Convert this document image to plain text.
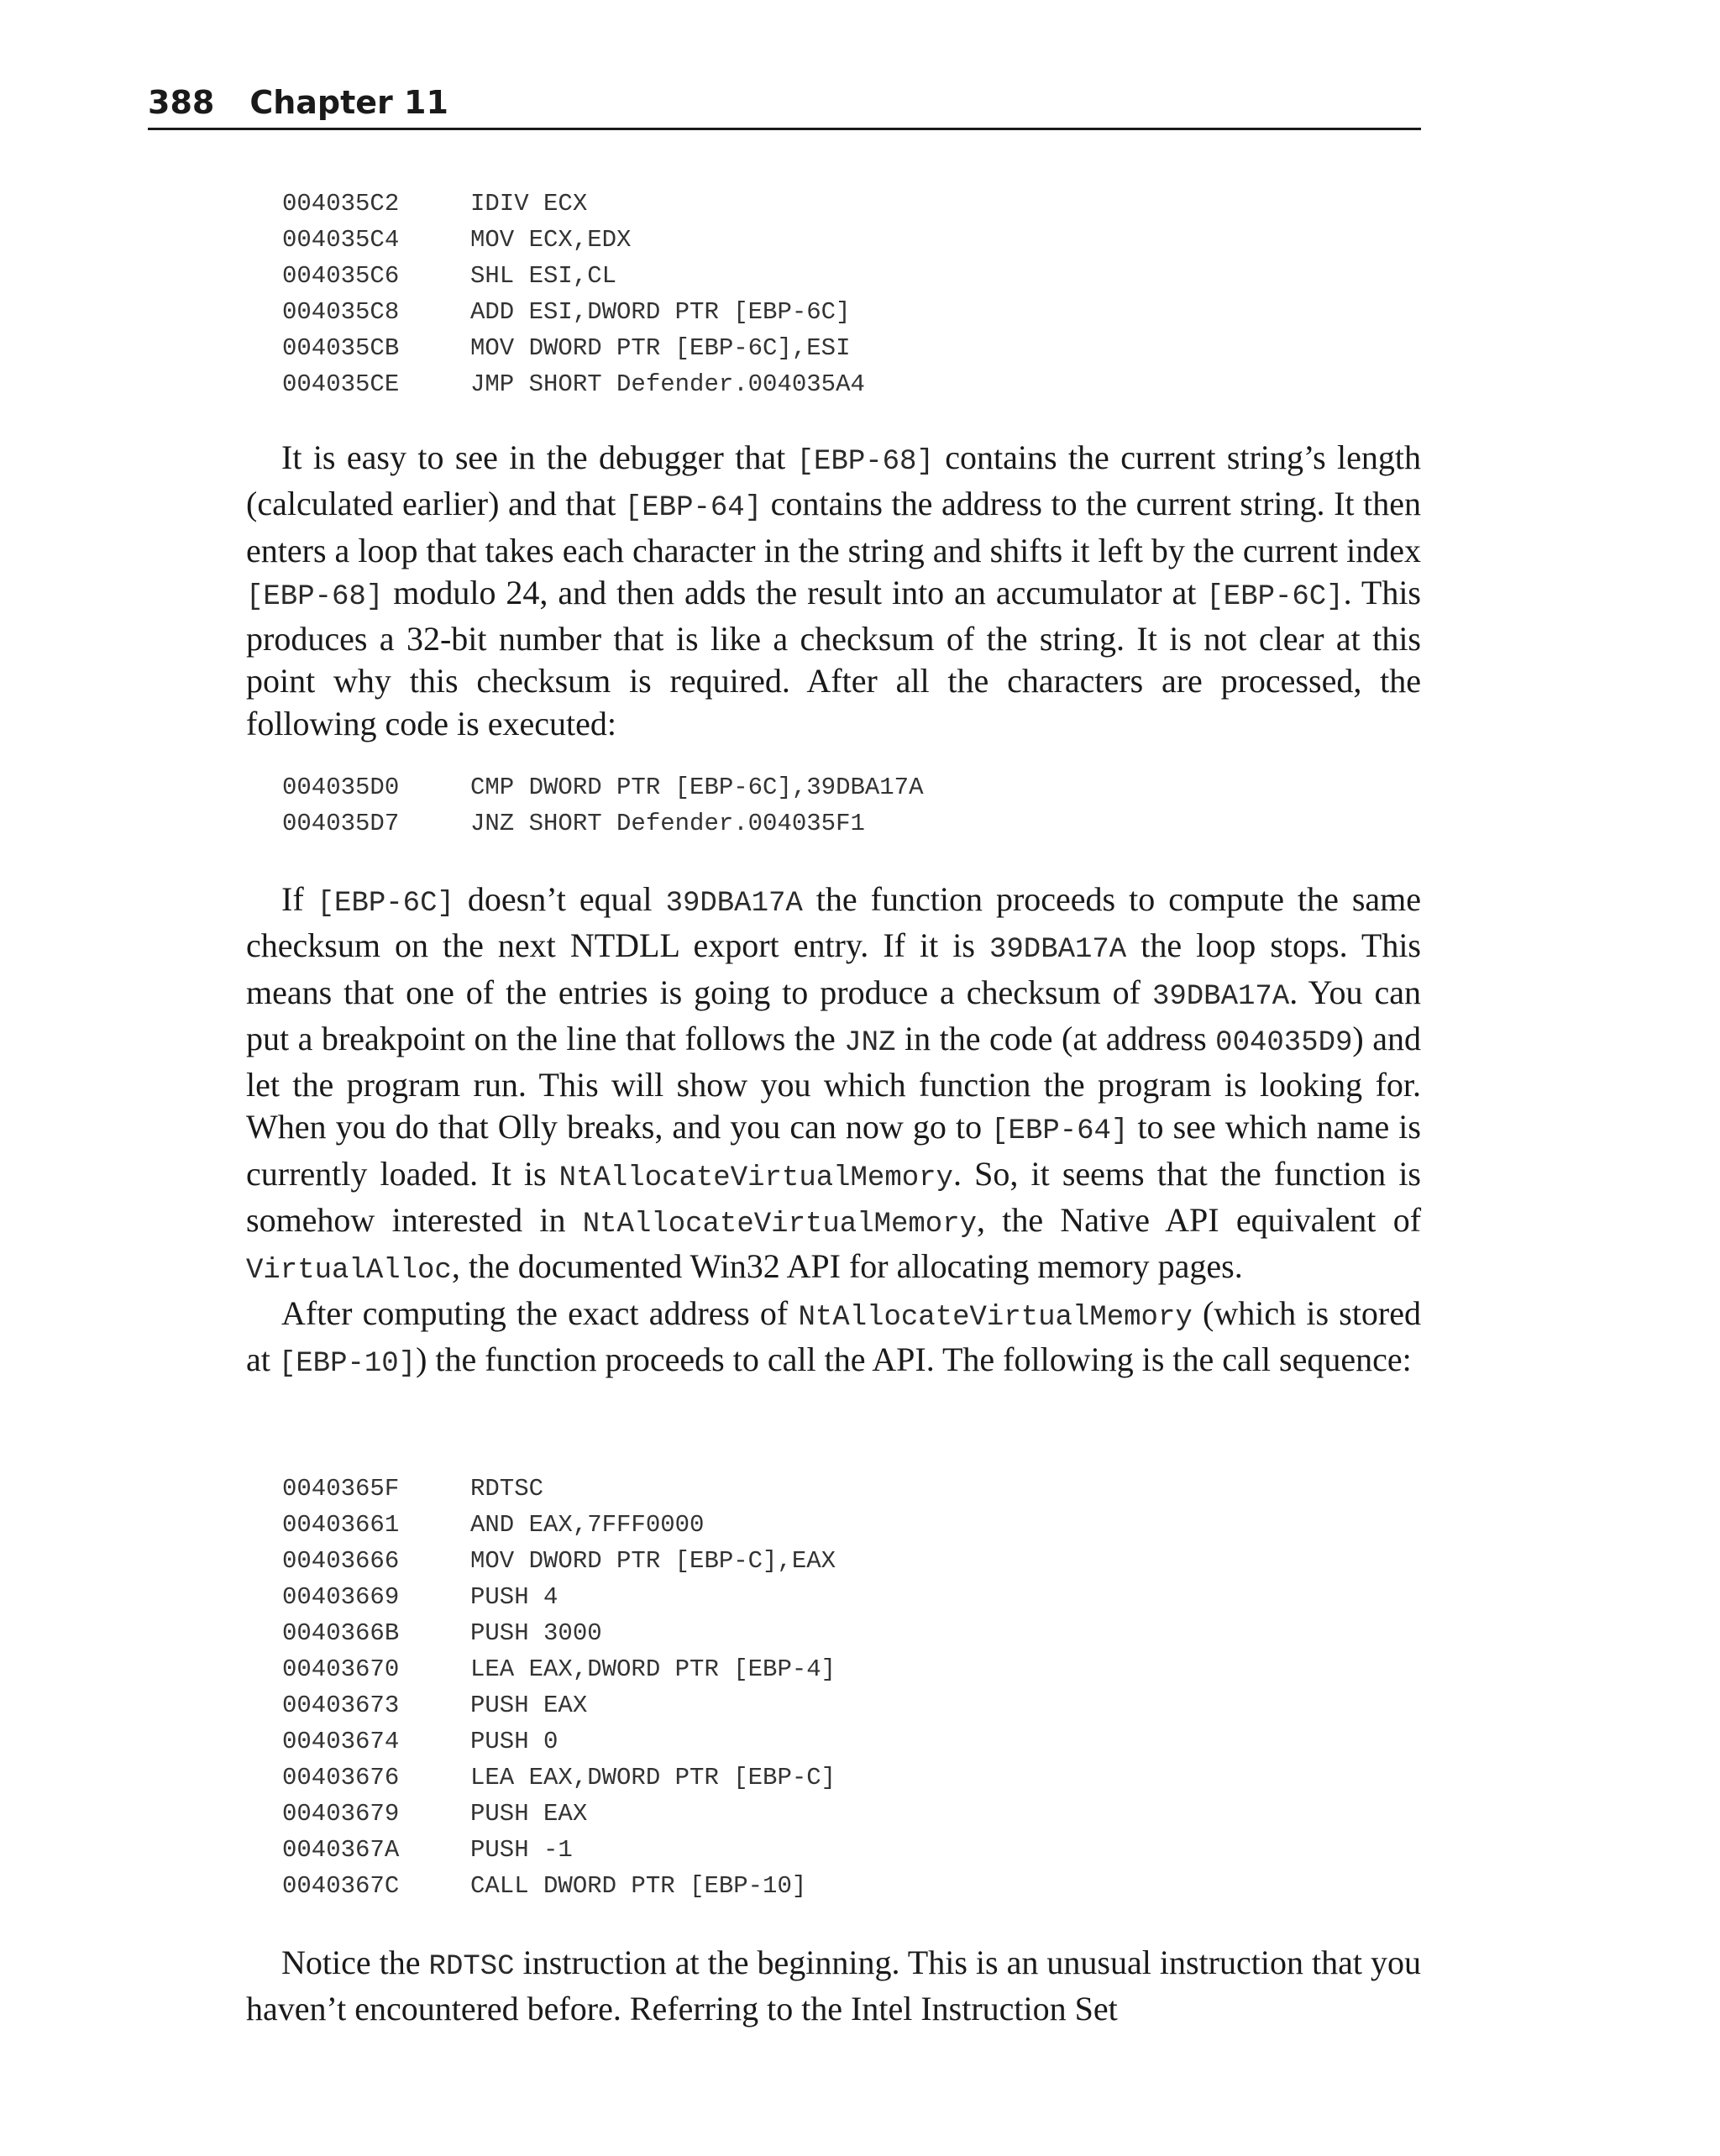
388 Chapter 11
004035C2	IDIV ECX
004035C4	MOV ECX,EDX
004035C6	SHL ESI,CL
004035C8	ADD ESI,DWORD PTR [EBP-6C]
004035CB	MOV DWORD PTR [EBP-6C],ESI
004035CE	JMP SHORT Defender.004035A4

It is easy to see in the debugger that [EBP-68] contains the current string’s length (calculated earlier) and that [EBP-64] contains the address to the current string. It then enters a loop that takes each character in the string and shifts it left by the current index [EBP-68] modulo 24, and then adds the result into an accumulator at [EBP-6C]. This produces a 32-bit number that is like a checksum of the string. It is not clear at this point why this checksum is required. After all the characters are processed, the following code is executed:

004035D0	CMP DWORD PTR [EBP-6C],39DBA17A
004035D7	JNZ SHORT Defender.004035F1

If [EBP-6C] doesn’t equal 39DBA17A the function proceeds to compute the same checksum on the next NTDLL export entry. If it is 39DBA17A the loop stops. This means that one of the entries is going to produce a checksum of 39DBA17A. You can put a breakpoint on the line that follows the JNZ in the code (at address 004035D9) and let the program run. This will show you which function the program is looking for. When you do that Olly breaks, and you can now go to [EBP-64] to see which name is currently loaded. It is NtAllocateVirtualMemory. So, it seems that the function is somehow interested in NtAllocateVirtualMemory, the Native API equivalent of VirtualAlloc, the documented Win32 API for allocating memory pages.

After computing the exact address of NtAllocateVirtualMemory (which is stored at [EBP-10]) the function proceeds to call the API. The following is the call sequence:

0040365F	RDTSC
00403661	AND EAX,7FFF0000
00403666	MOV DWORD PTR [EBP-C],EAX
00403669	PUSH 4
0040366B	PUSH 3000
00403670	LEA EAX,DWORD PTR [EBP-4]
00403673	PUSH EAX
00403674	PUSH 0
00403676	LEA EAX,DWORD PTR [EBP-C]
00403679	PUSH EAX
0040367A	PUSH -1
0040367C	CALL DWORD PTR [EBP-10]

Notice the RDTSC instruction at the beginning. This is an unusual instruction that you haven’t encountered before. Referring to the Intel Instruction Set
